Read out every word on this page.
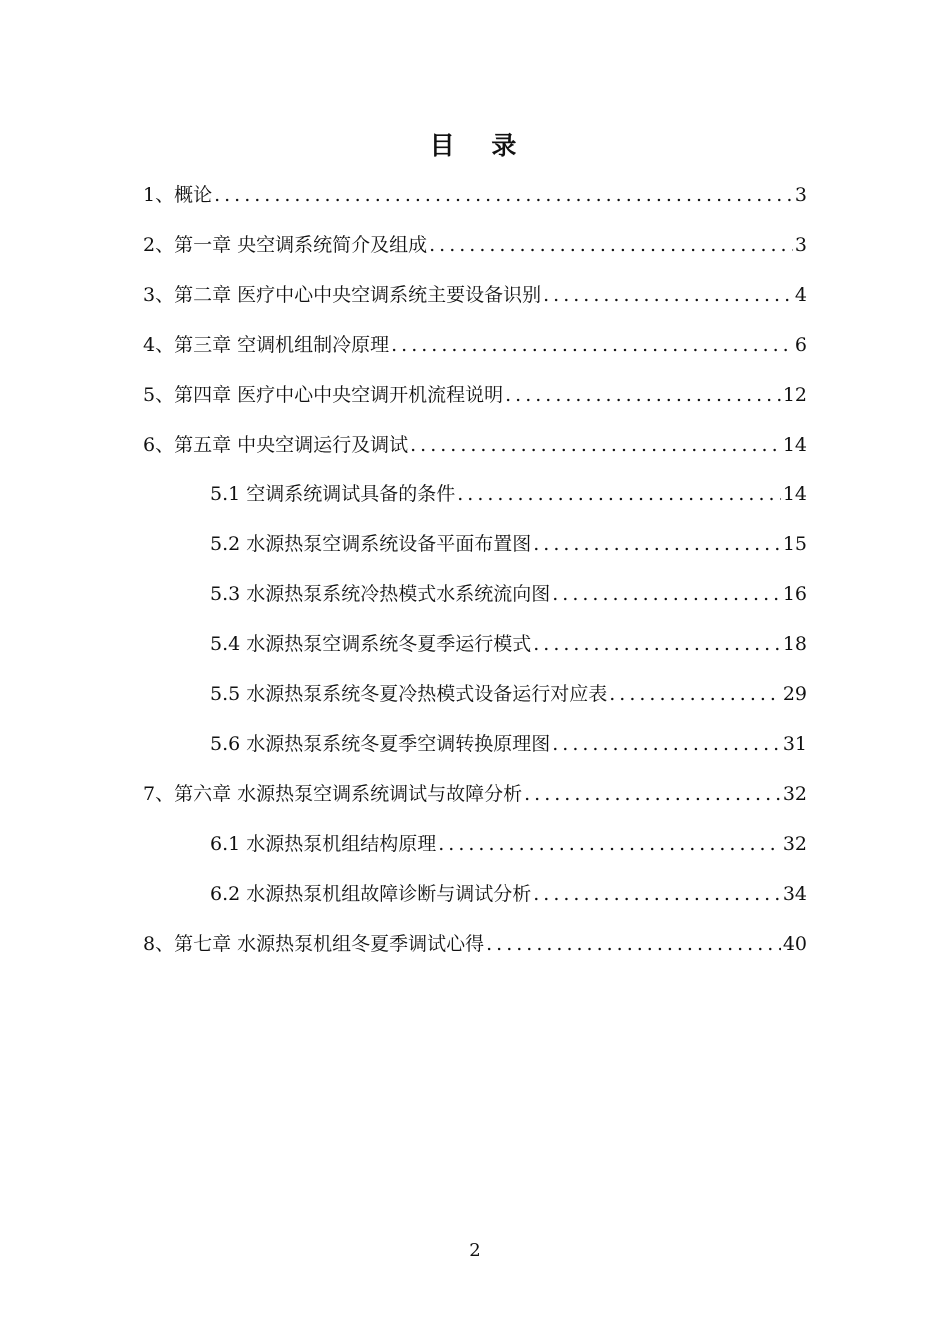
目 录
1、概论 .....	3
2、第一章 央空调系统简介及组成 .....	3
3、第二章 医疗中心中央空调系统主要设备识别 .....	4
4、第三章 空调机组制冷原理 .....	6
5、第四章 医疗中心中央空调开机流程说明 .....	12
6、第五章 中央空调运行及调试 .....	14
5.1 空调系统调试具备的条件 .....	14
5.2 水源热泵空调系统设备平面布置图 .....	15
5.3 水源热泵系统冷热模式水系统流向图 .....	16
5.4 水源热泵空调系统冬夏季运行模式 .....	18
5.5 水源热泵系统冬夏冷热模式设备运行对应表 .....	29
5.6 水源热泵系统冬夏季空调转换原理图 .....	31
7、第六章 水源热泵空调系统调试与故障分析 .....	32
6.1 水源热泵机组结构原理 .....	32
6.2 水源热泵机组故障诊断与调试分析 .....	34
8、第七章 水源热泵机组冬夏季调试心得 .....	40
2
